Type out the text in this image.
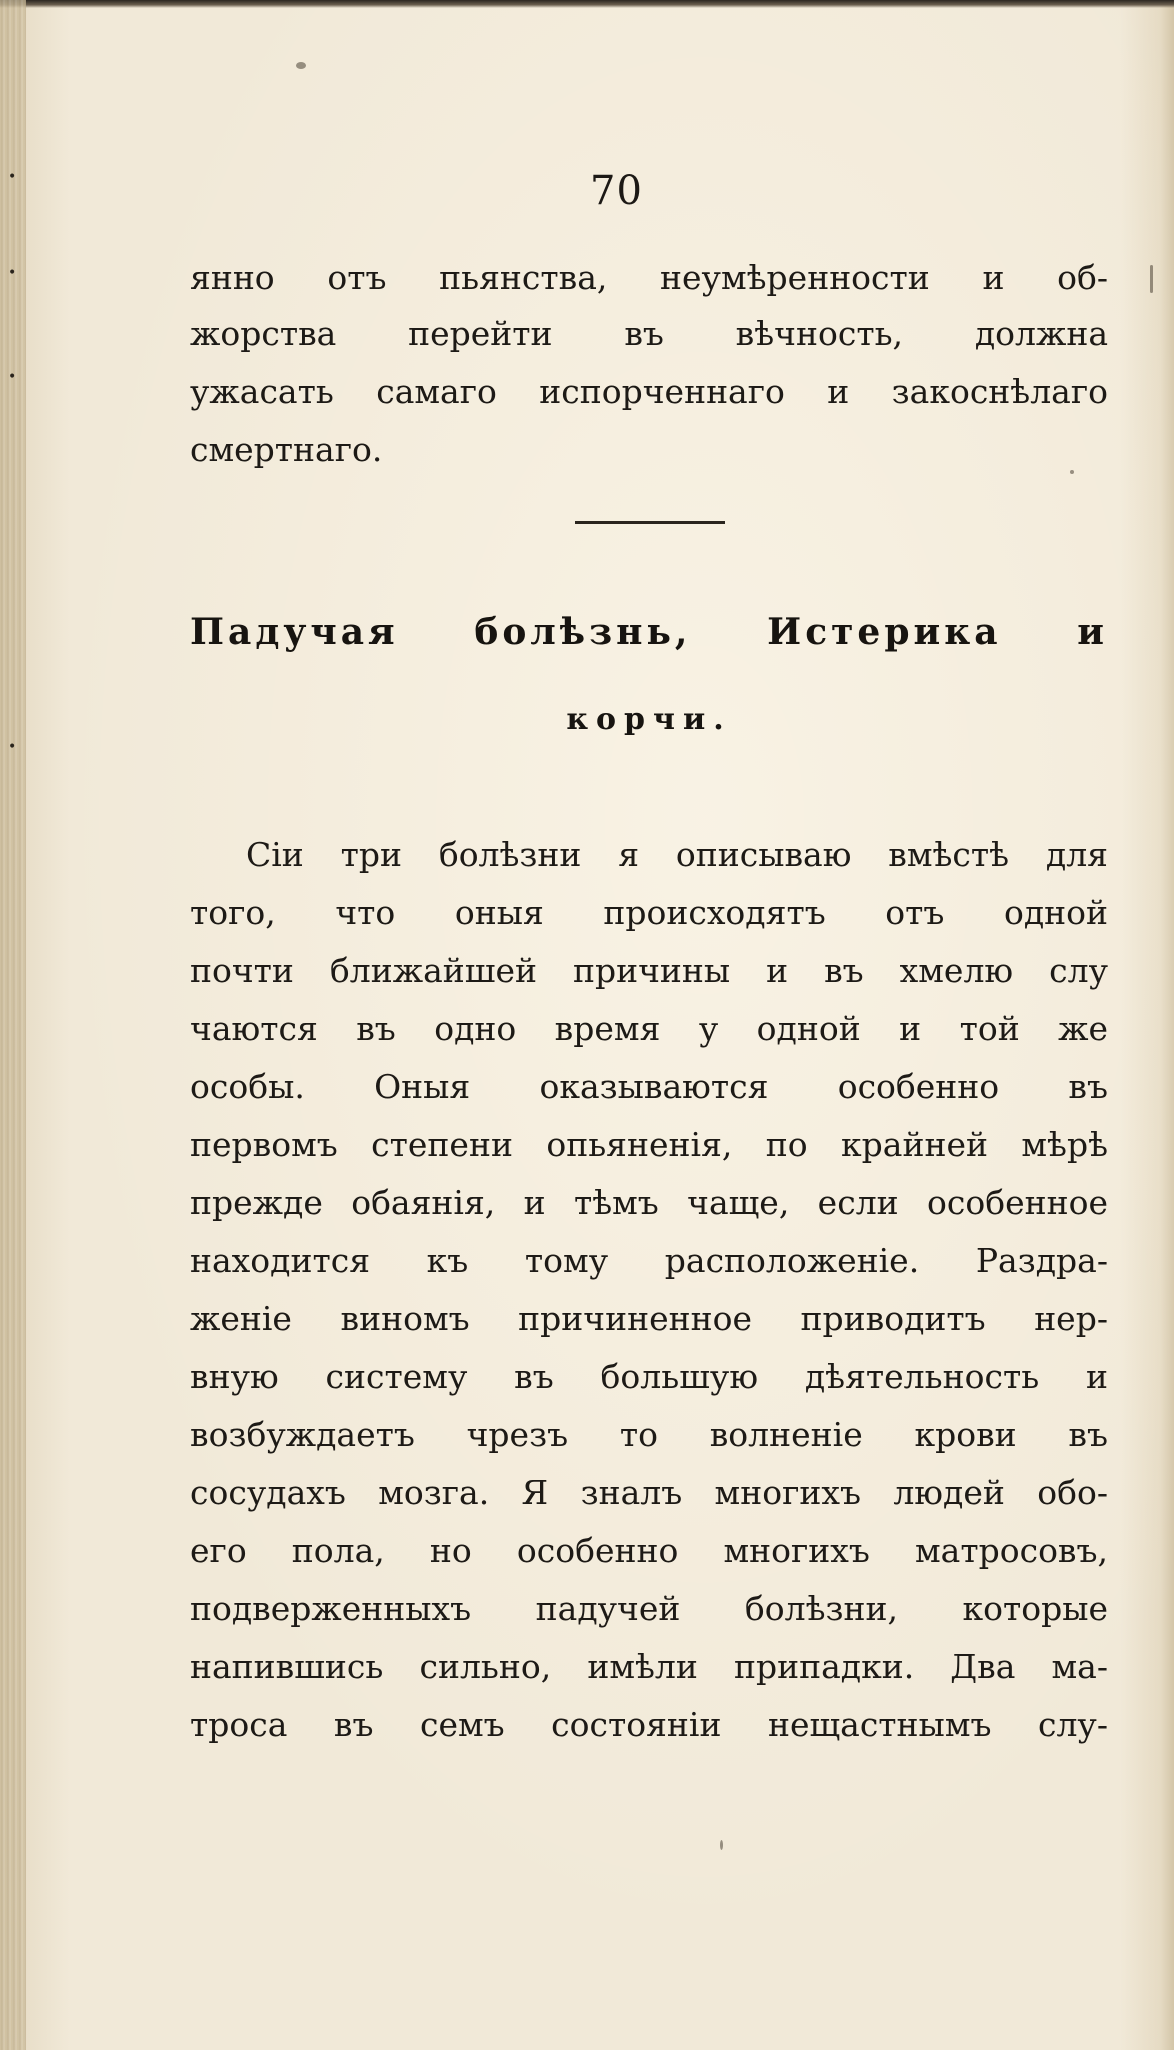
•
•
•
•
70
янно отъ пьянства, неумѣренности и об-
жорства перейти въ вѣчность, должна
ужасать самаго испорченнаго и закоснѣлаго
смертнаго.
Падучая болѣзнь, Истерика и
корчи.
Сіи три болѣзни я описываю вмѣстѣ для
того, что оныя происходятъ отъ одной
почти ближайшей причины и въ хмелю слу
чаются въ одно время у одной и той же
особы. Оныя оказываются особенно въ
первомъ степени опьяненія, по крайней мѣрѣ
прежде обаянія, и тѣмъ чаще, если особенное
находится къ тому расположеніе. Раздра-
женіе виномъ причиненное приводитъ нер-
вную систему въ большую дѣятельность и
возбуждаетъ чрезъ то волненіе крови въ
сосудахъ мозга. Я зналъ многихъ людей обо-
его пола, но особенно многихъ матросовъ,
подверженныхъ падучей болѣзни, которые
напившись сильно, имѣли припадки. Два ма-
троса въ семъ состояніи нещастнымъ слу-
